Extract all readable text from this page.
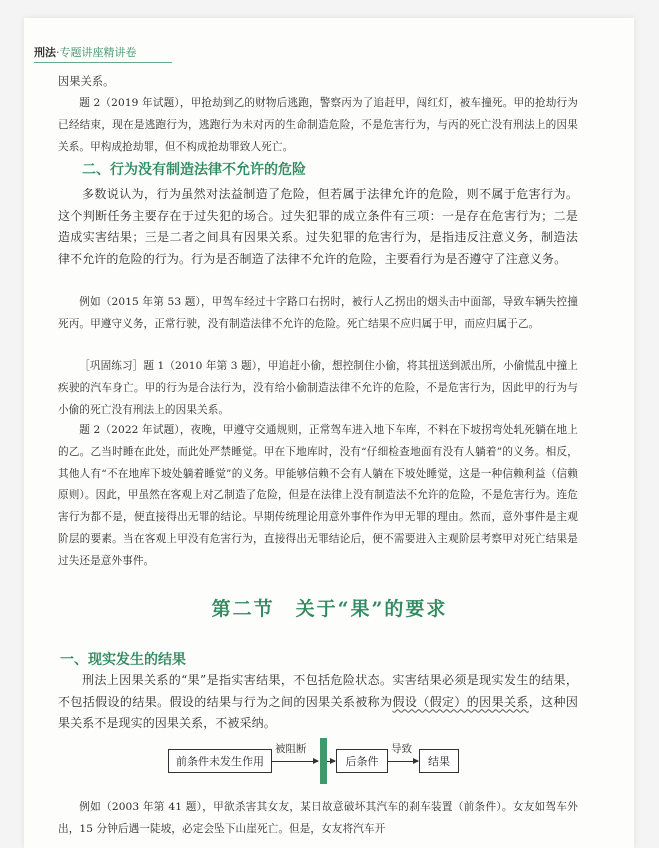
刑法·专题讲座精讲卷
因果关系。
题 2（2019 年试题），甲抢劫到乙的财物后逃跑，警察丙为了追赶甲，闯红灯，被车撞死。甲的抢劫行为已经结束，现在是逃跑行为，逃跑行为未对丙的生命制造危险，不是危害行为，与丙的死亡没有刑法上的因果关系。甲构成抢劫罪，但不构成抢劫罪致人死亡。
二、行为没有制造法律不允许的危险
多数说认为，行为虽然对法益制造了危险，但若属于法律允许的危险，则不属于危害行为。这个判断任务主要存在于过失犯的场合。过失犯罪的成立条件有三项：一是存在危害行为；二是造成实害结果；三是二者之间具有因果关系。过失犯罪的危害行为，是指违反注意义务，制造法律不允许的危险的行为。行为是否制造了法律不允许的危险，主要看行为是否遵守了注意义务。
例如（2015 年第 53 题），甲驾车经过十字路口右拐时，被行人乙拐出的烟头击中面部，导致车辆失控撞死丙。甲遵守义务，正常行驶，没有制造法律不允许的危险。死亡结果不应归属于甲，而应归属于乙。
［巩固练习］题 1（2010 年第 3 题），甲追赶小偷，想控制住小偷，将其扭送到派出所，小偷慌乱中撞上疾驶的汽车身亡。甲的行为是合法行为，没有给小偷制造法律不允许的危险，不是危害行为，因此甲的行为与小偷的死亡没有刑法上的因果关系。
题 2（2022 年试题），夜晚，甲遵守交通规则，正常驾车进入地下车库，不料在下坡拐弯处轧死躺在地上的乙。乙当时睡在此处，而此处严禁睡觉。甲在下地库时，没有“仔细检查地面有没有人躺着”的义务。相反，其他人有“不在地库下坡处躺着睡觉”的义务。甲能够信赖不会有人躺在下坡处睡觉，这是一种信赖利益（信赖原则）。因此，甲虽然在客观上对乙制造了危险，但是在法律上没有制造法不允许的危险，不是危害行为。连危害行为都不是，便直接得出无罪的结论。早期传统理论用意外事件作为甲无罪的理由。然而，意外事件是主观阶层的要素。当在客观上甲没有危害行为，直接得出无罪结论后，便不需要进入主观阶层考察甲对死亡结果是过失还是意外事件。
第二节　关于“果”的要求
一、现实发生的结果
刑法上因果关系的“果”是指实害结果，不包括危险状态。实害结果必须是现实发生的结果，不包括假设的结果。假设的结果与行为之间的因果关系被称为假设（假定）的因果关系，这种因果关系不是现实的因果关系，不被采纳。
前条件未发生作用
被阻断
后条件
导致
结果
例如（2003 年第 41 题），甲欲杀害其女友，某日故意破坏其汽车的刹车装置（前条件）。女友如驾车外出，15 分钟后遇一陡坡，必定会坠下山崖死亡。但是，女友将汽车开
